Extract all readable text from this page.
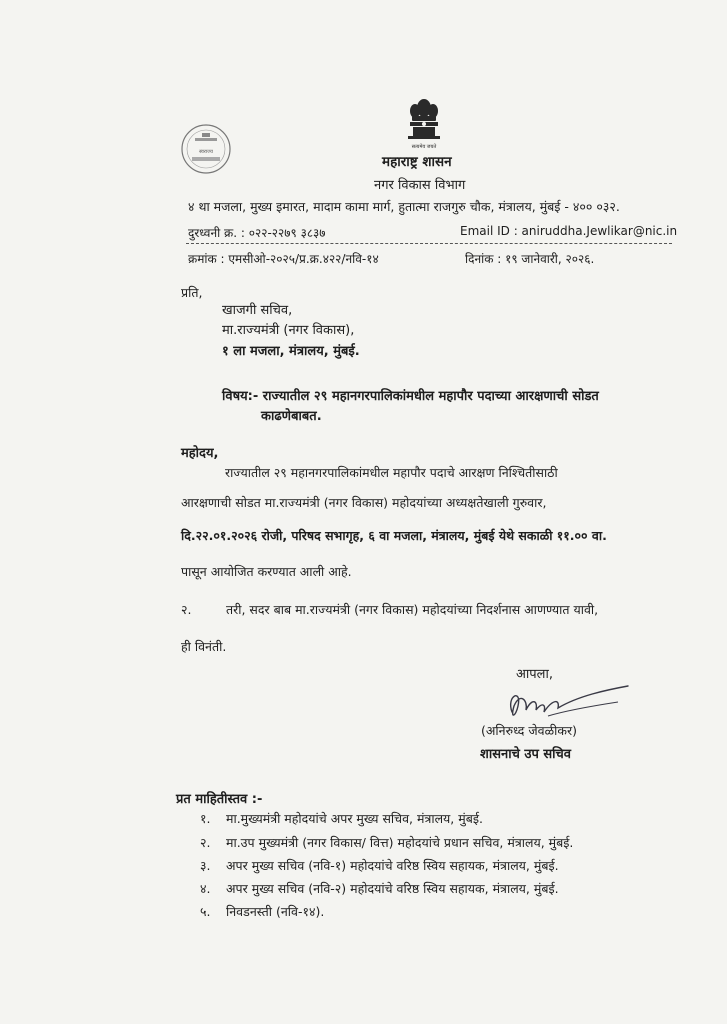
सत्यमेव जयते
स्वराज्य
महाराष्ट्र शासन
नगर विकास विभाग
४ था मजला, मुख्य इमारत, मादाम कामा मार्ग, हुतात्मा राजगुरु चौक, मंत्रालय, मुंबई - ४०० ०३२.
दुरध्वनी क्र. : ०२२-२२७९ ३८३७	Email ID : aniruddha.Jewlikar@nic.in
क्रमांक : एमसीओ-२०२५/प्र.क्र.४२२/नवि-१४	दिनांक : १९ जानेवारी, २०२६.
प्रति,
खाजगी सचिव,
मा.राज्यमंत्री (नगर विकास),
१ ला मजला, मंत्रालय, मुंबई.
विषय:- राज्यातील २९ महानगरपालिकांमधील महापौर पदाच्या आरक्षणाची सोडत
काढणेबाबत.
महोदय,
राज्यातील २९ महानगरपालिकांमधील महापौर पदाचे आरक्षण निश्चितीसाठी
आरक्षणाची सोडत मा.राज्यमंत्री (नगर विकास) महोदयांच्या अध्यक्षतेखाली गुरुवार,
दि.२२.०१.२०२६ रोजी, परिषद सभागृह, ६ वा मजला, मंत्रालय, मुंबई येथे सकाळी ११.०० वा.
पासून आयोजित करण्यात आली आहे.
२.	तरी, सदर बाब मा.राज्यमंत्री (नगर विकास) महोदयांच्या निदर्शनास आणण्यात यावी,
ही विनंती.
आपला,
(अनिरुध्द जेवळीकर)
शासनाचे उप सचिव
प्रत माहितीस्तव :-
१. मा.मुख्यमंत्री महोदयांचे अपर मुख्य सचिव, मंत्रालय, मुंबई.
२. मा.उप मुख्यमंत्री (नगर विकास/ वित्त) महोदयांचे प्रधान सचिव, मंत्रालय, मुंबई.
३. अपर मुख्य सचिव (नवि-१) महोदयांचे वरिष्ठ स्विय सहायक, मंत्रालय, मुंबई.
४. अपर मुख्य सचिव (नवि-२) महोदयांचे वरिष्ठ स्विय सहायक, मंत्रालय, मुंबई.
५. निवडनस्ती (नवि-१४).
